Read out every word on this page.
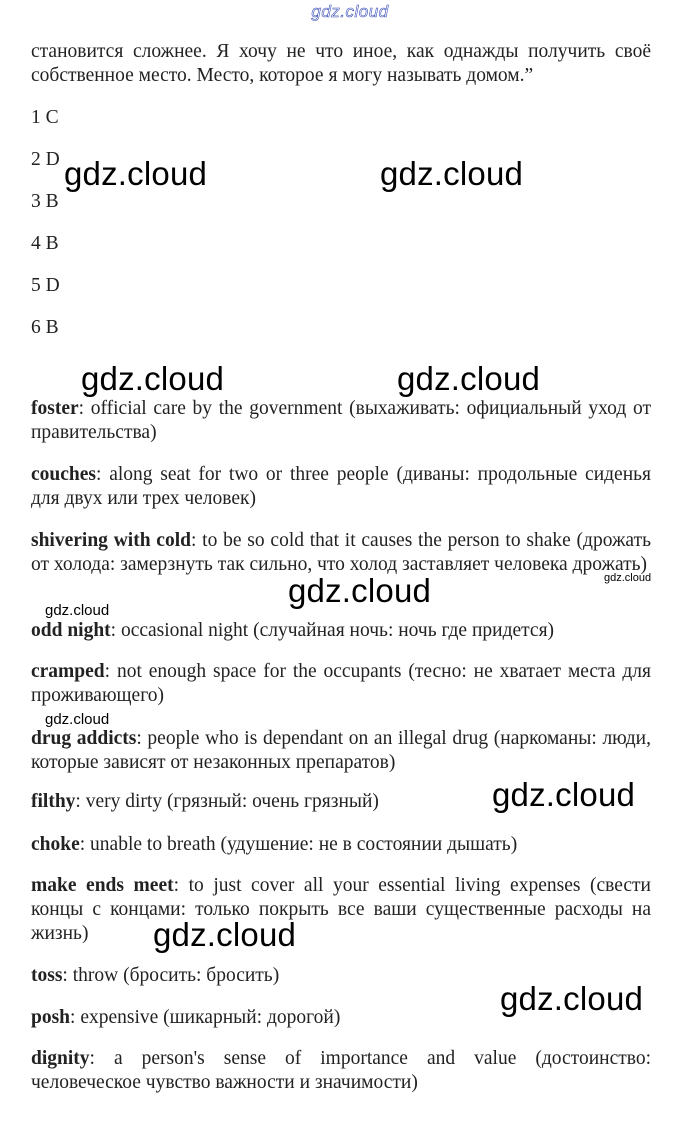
gdz.cloud

становится сложнее. Я хочу не что иное, как однажды получить своё собственное место. Место, которое я могу называть домом.”

1 C
2 D
3 B
4 B
5 D
6 B
foster: official care by the government (выхаживать: официальный уход от правительства)
couches: along seat for two or three people (диваны: продольные сиденья для двух или трех человек)
shivering with cold: to be so cold that it causes the person to shake (дрожать от холода: замерзнуть так сильно, что холод заставляет человека дрожать)
odd night: occasional night (случайная ночь: ночь где придется)
cramped: not enough space for the occupants (тесно: не хватает места для проживающего)
drug addicts: people who is dependant on an illegal drug (наркоманы: люди, которые зависят от незаконных препаратов)
filthy: very dirty (грязный: очень грязный)
choke: unable to breath (удушение: не в состоянии дышать)
make ends meet: to just cover all your essential living expenses (свести концы с концами: только покрыть все ваши существенные расходы на жизнь)
toss: throw (бросить: бросить)
posh: expensive (шикарный: дорогой)
dignity: a person's sense of importance and value (достоинство: человеческое чувство важности и значимости)
gdz.cloud	gdz.cloud
gdz.cloud	gdz.cloud
gdz.cloud
gdz.cloud
gdz.cloud
gdz.cloud
gdz.cloud
gdz.cloud
gdz.cloud
